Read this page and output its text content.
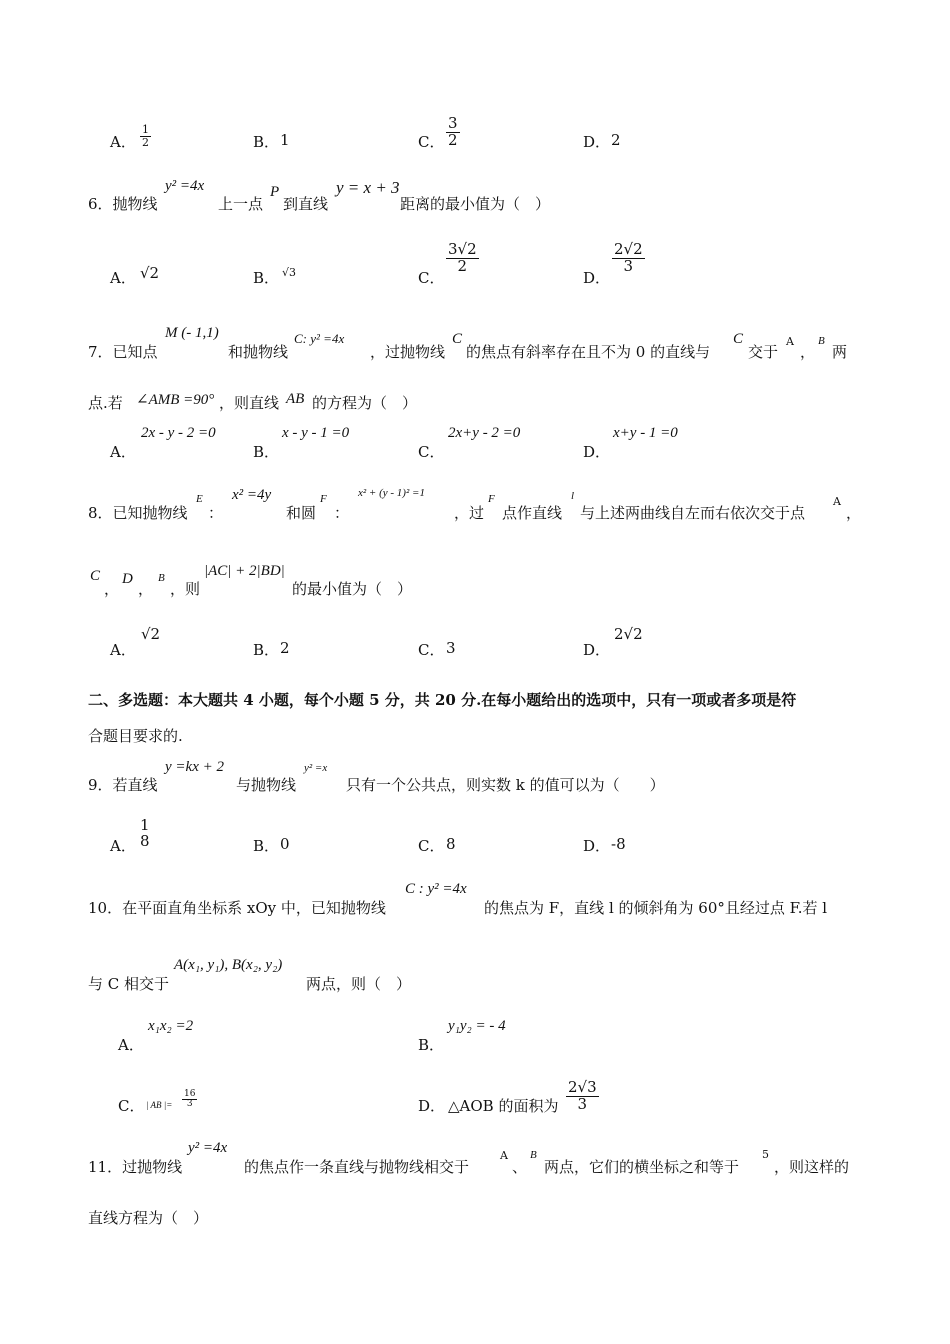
A． $\frac{1}{2}$	B． 1	C． $\frac{3}{2}$	D． 2
6．抛物线
y² =4x
上一点
P
到直线
y = x + 3
距离的最小值为（　）
A． √2	B． √3	C．
$\frac{3√2}{2}$
D．
$\frac{2√2}{3}$
7．已知点
M (- 1,1)
和抛物线
C: y² =4x
，过抛物线
C
的焦点有斜率存在且不为 0 的直线与
C
交于
A
，
B
两
点.若 ∠AMB =90° ，则直线 AB 的方程为（　）
A．
2x - y - 2 =0
B．
x - y - 1 =0
C．
2x+y - 2 =0
D．
x+y - 1 =0
8．已知抛物线
E
：
x² =4y
和圆
F
：
x² + (y - 1)² =1
，过
F
点作直线
l
与上述两曲线自左而右依次交于点
A
，
C
，
D
，
B
，则
|AC| + 2|BD|
的最小值为（　）
A．
√2
B． 2	C． 3	D．
2√2
二、多选题：本大题共 4 小题，每个小题 5 分，共 20 分.在每小题给出的选项中，只有一项或者多项是符
合题目要求的.
9．若直线
y =kx + 2
与抛物线
y² =x
只有一个公共点，则实数 k 的值可以为（　　）
A．
1
8	B． 0	C． 8	D． -8
10．在平面直角坐标系 xOy 中，已知抛物线
C : y² =4x
的焦点为 F，直线 l 的倾斜角为 60°且经过点 F.若 l
与 C 相交于
A(x₁, y₁), B(x₂, y₂)
两点，则（　）
A．
x₁x₂ =2
B．
y₁y₂ = - 4
C． | AB |= $\frac{16}{3}$	D． △AOB 的面积为 $\frac{2√3}{3}$
11．过抛物线
y² =4x
的焦点作一条直线与抛物线相交于
A
、
B
两点，它们的横坐标之和等于
5
，则这样的
直线方程为（　）
